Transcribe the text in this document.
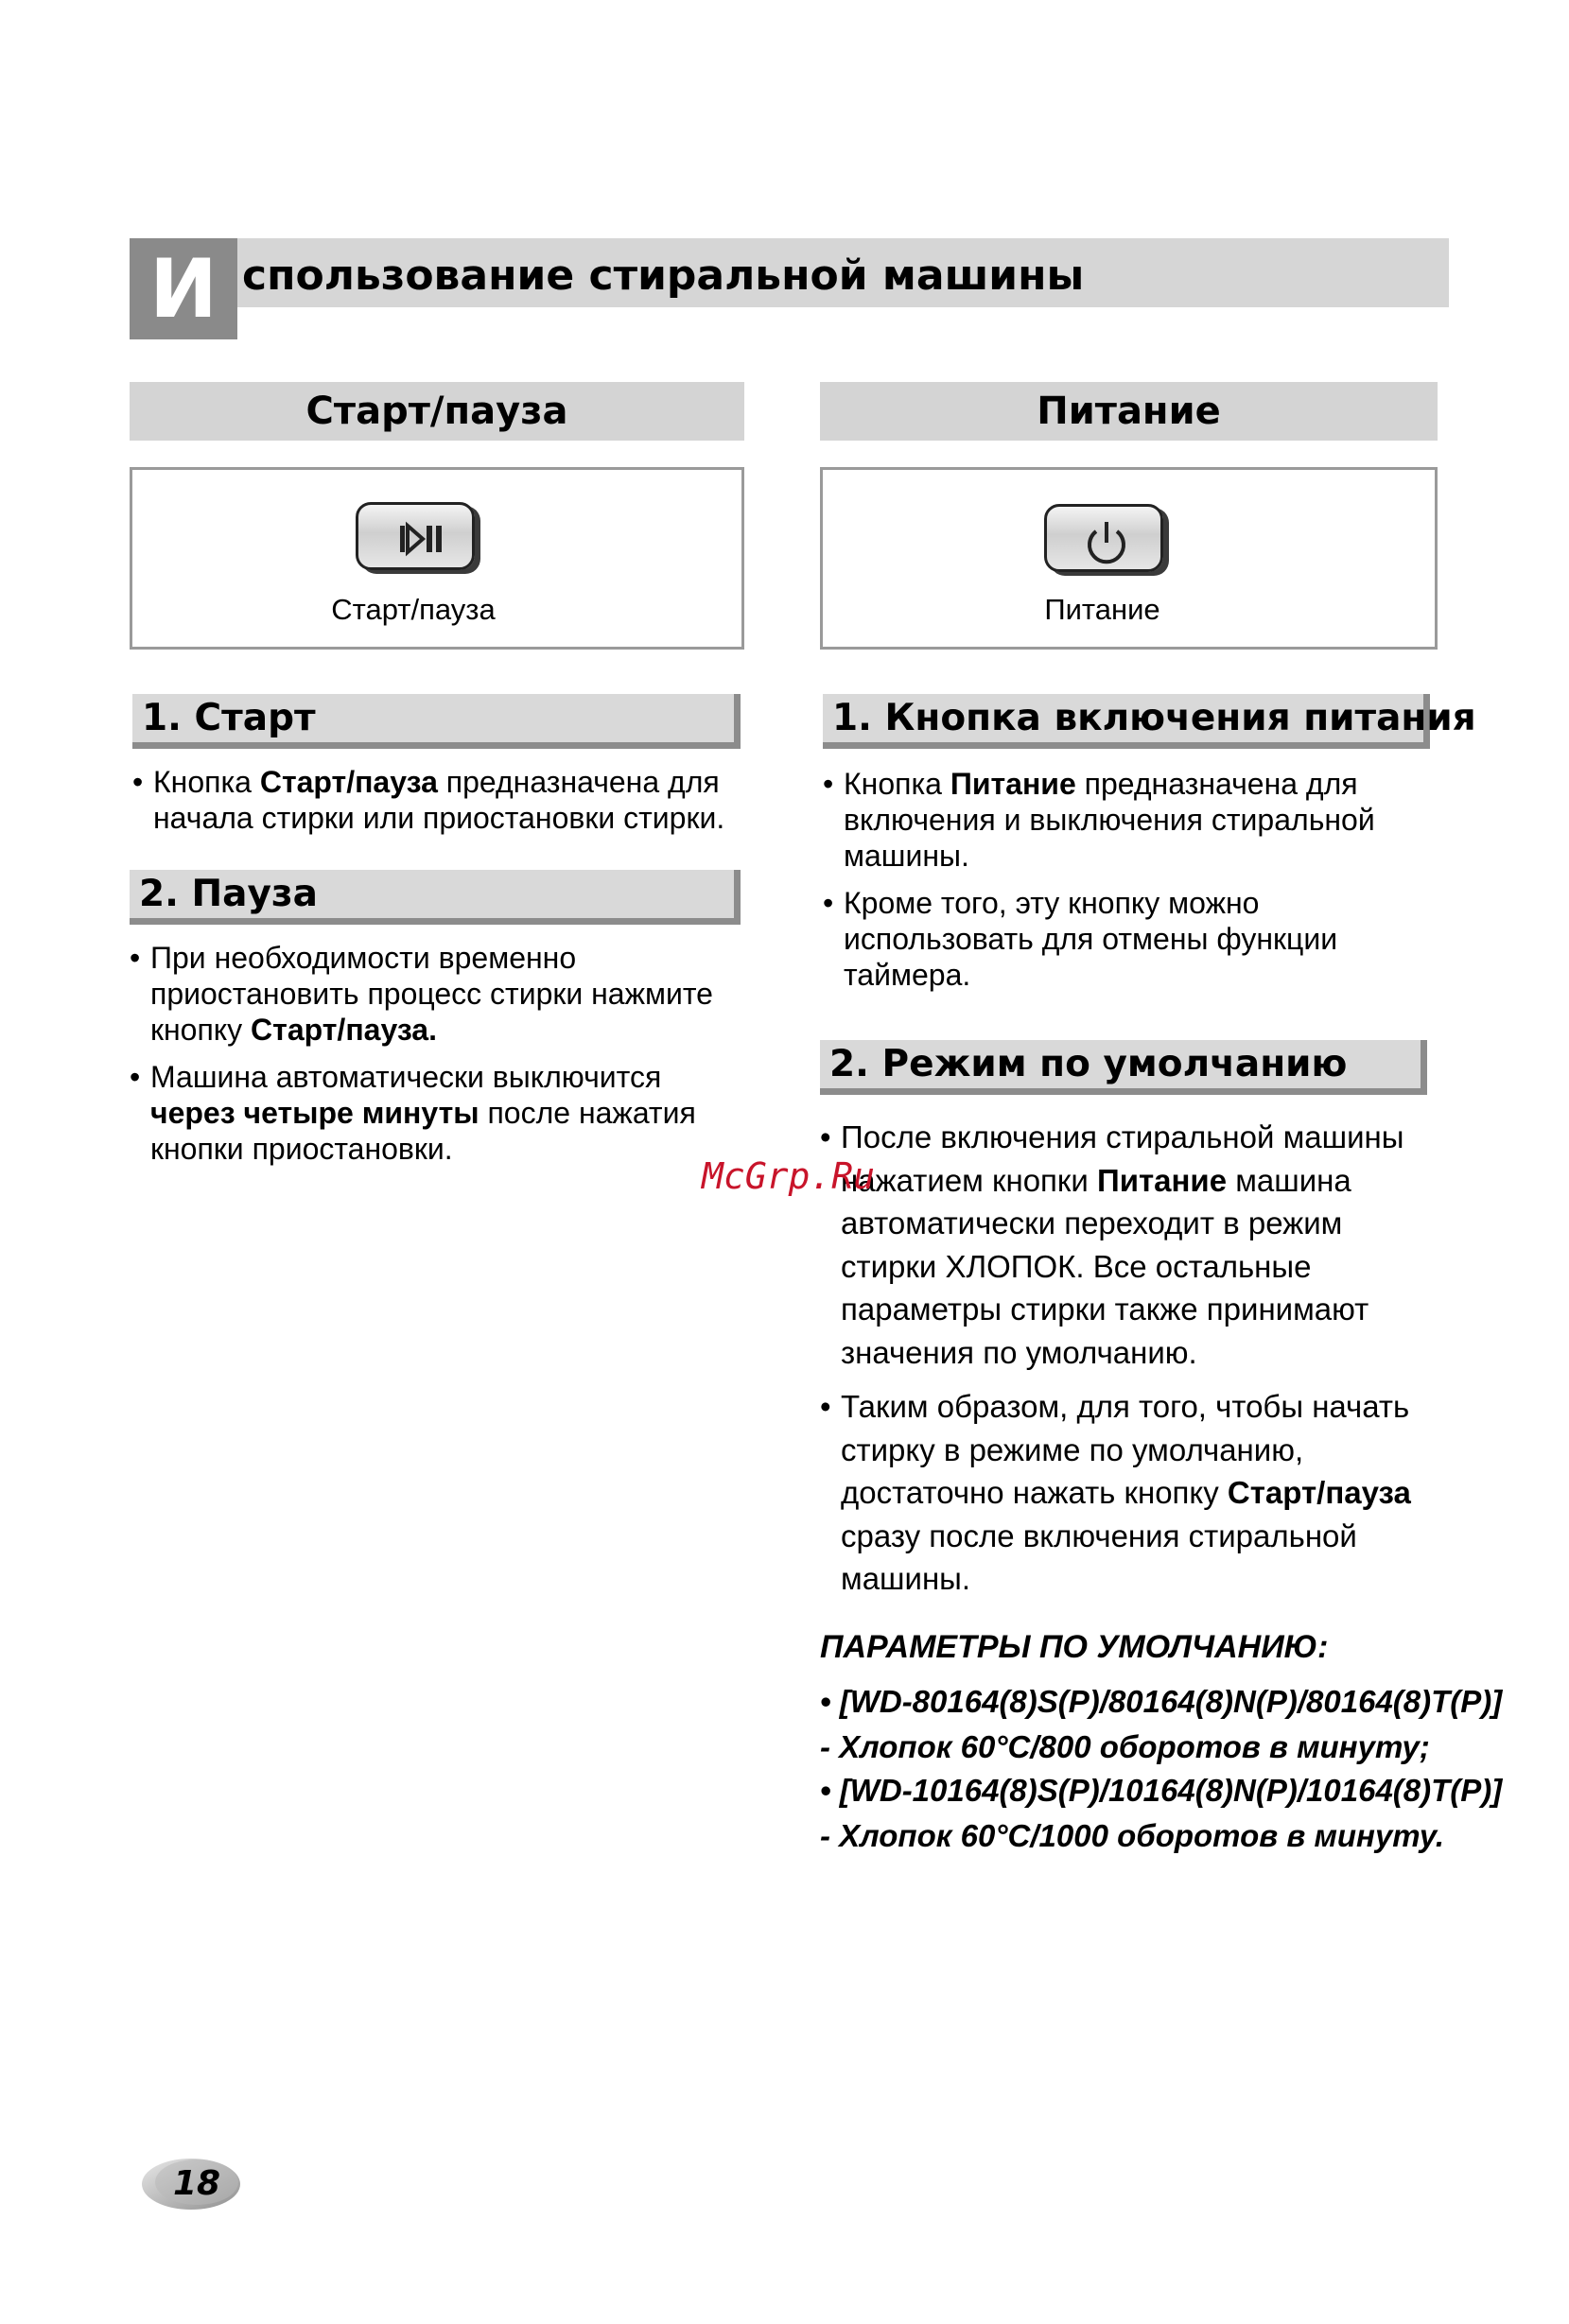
И спользование стиральной машины
Старт/пауза
Старт/пауза
1. Старт
• Кнопка Старт/пауза предназначена для начала стирки или приостановки стирки.
2. Пауза
• При необходимости временно приостановить процесс стирки нажмите кнопку Старт/пауза.
• Машина автоматически выключится через четыре минуты после нажатия кнопки приостановки.
Питание
Питание
1. Кнопка включения питания
• Кнопка Питание предназначена для включения и выключения стиральной машины.
• Кроме того, эту кнопку можно использовать для отмены функции таймера.
2. Режим по умолчанию
• После включения стиральной машины нажатием кнопки Питание машина автоматически переходит в режим стирки ХЛОПОК. Все остальные параметры стирки также принимают значения по умолчанию.
• Таким образом, для того, чтобы начать стирку в режиме по умолчанию, достаточно нажать кнопку Старт/пауза сразу после включения стиральной машины.
ПАРАМЕТРЫ ПО УМОЛЧАНИЮ:
• [WD-80164(8)S(P)/80164(8)N(P)/80164(8)T(P)]
- Хлопок 60°C/800 оборотов в минуту;
• [WD-10164(8)S(P)/10164(8)N(P)/10164(8)T(P)]
- Хлопок 60°C/1000 оборотов в минуту.
McGrp.Ru
18
